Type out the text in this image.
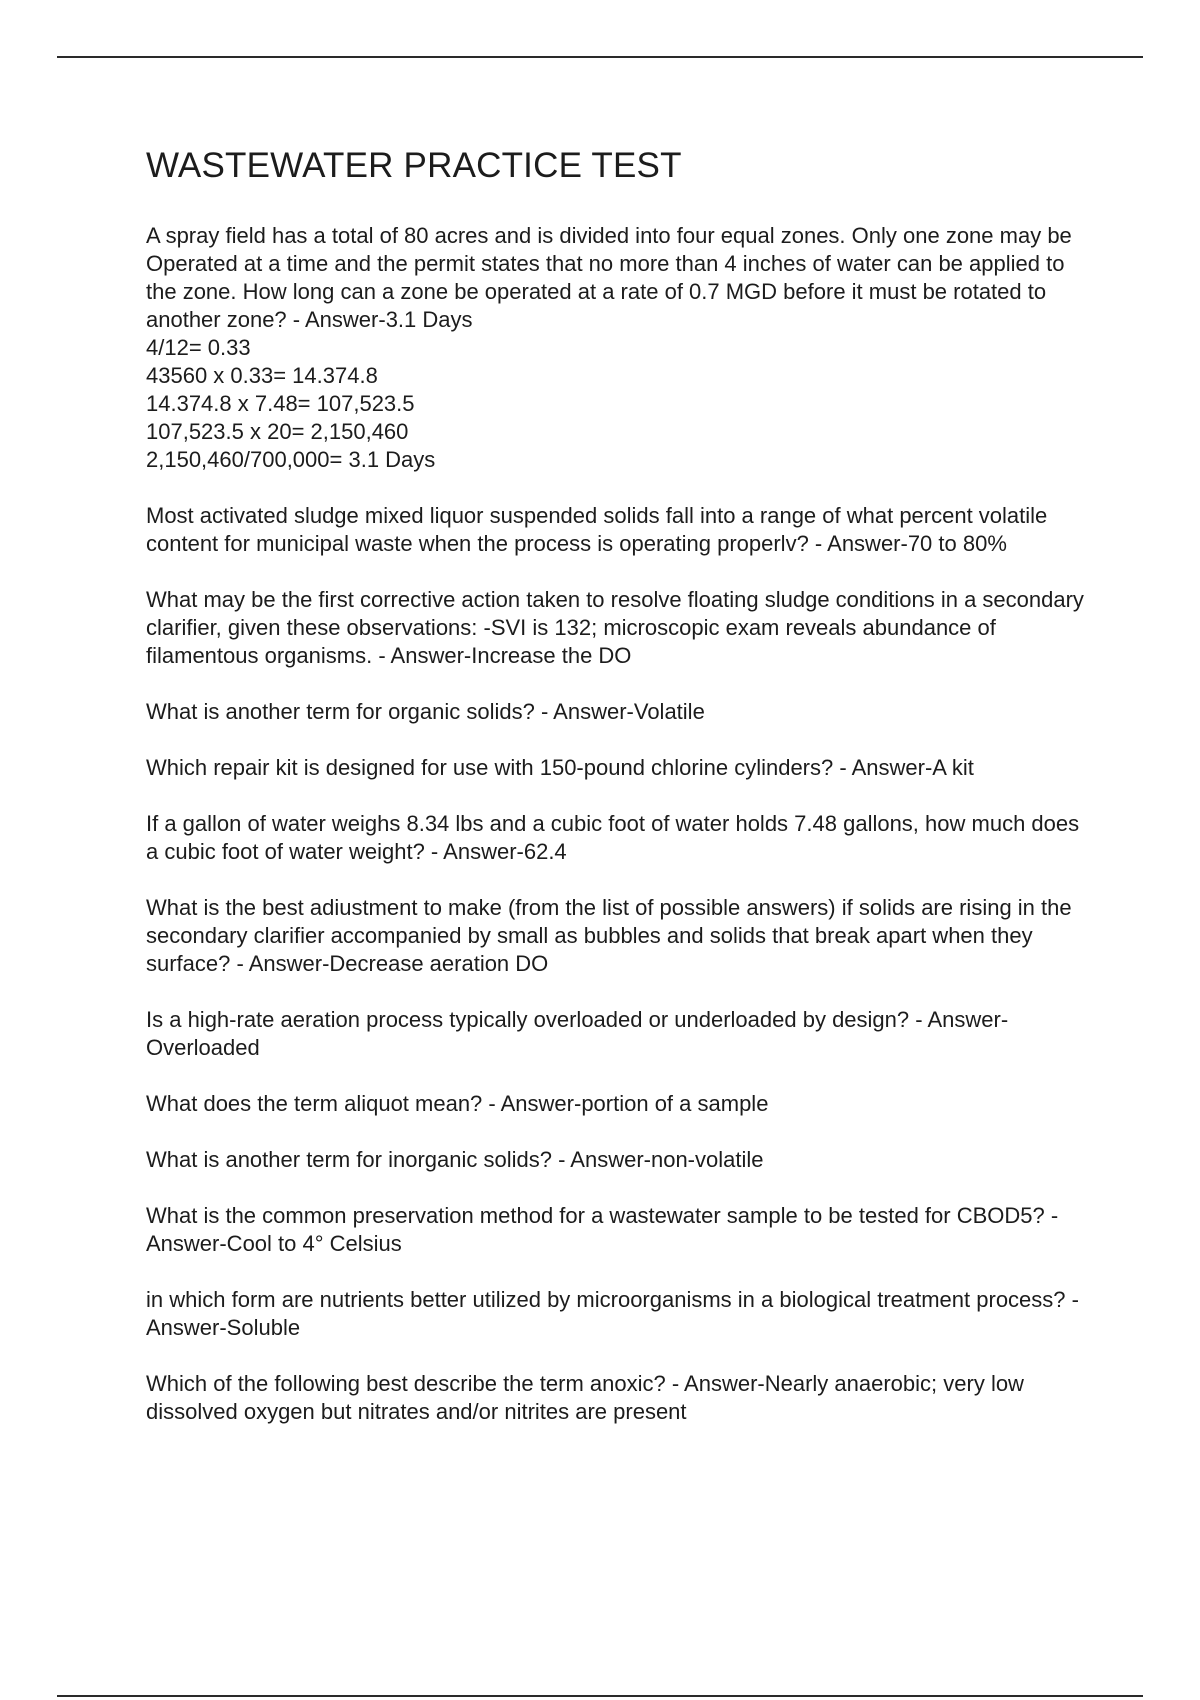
WASTEWATER PRACTICE TEST

A spray field has a total of 80 acres and is divided into four equal zones. Only one zone may be Operated at a time and the permit states that no more than 4 inches of water can be applied to the zone. How long can a zone be operated at a rate of 0.7 MGD before it must be rotated to another zone? - Answer-3.1 Days

4/12= 0.33
43560 x 0.33= 14.374.8
14.374.8 x 7.48= 107,523.5
107,523.5 x 20= 2,150,460
2,150,460/700,000= 3.1 Days

Most activated sludge mixed liquor suspended solids fall into a range of what percent volatile content for municipal waste when the process is operating properlv? - Answer-70 to 80%

What may be the first corrective action taken to resolve floating sludge conditions in a secondary clarifier, given these observations: -SVI is 132; microscopic exam reveals abundance of filamentous organisms. - Answer-Increase the DO

What is another term for organic solids? - Answer-Volatile

Which repair kit is designed for use with 150-pound chlorine cylinders? - Answer-A kit

If a gallon of water weighs 8.34 lbs and a cubic foot of water holds 7.48 gallons, how much does a cubic foot of water weight? - Answer-62.4

What is the best adiustment to make (from the list of possible answers) if solids are rising in the secondary clarifier accompanied by small as bubbles and solids that break apart when they surface? - Answer-Decrease aeration DO

Is a high-rate aeration process typically overloaded or underloaded by design? - Answer-Overloaded

What does the term aliquot mean? - Answer-portion of a sample

What is another term for inorganic solids? - Answer-non-volatile

What is the common preservation method for a wastewater sample to be tested for CBOD5? - Answer-Cool to 4° Celsius

in which form are nutrients better utilized by microorganisms in a biological treatment process? - Answer-Soluble

Which of the following best describe the term anoxic? - Answer-Nearly anaerobic; very low dissolved oxygen but nitrates and/or nitrites are present
